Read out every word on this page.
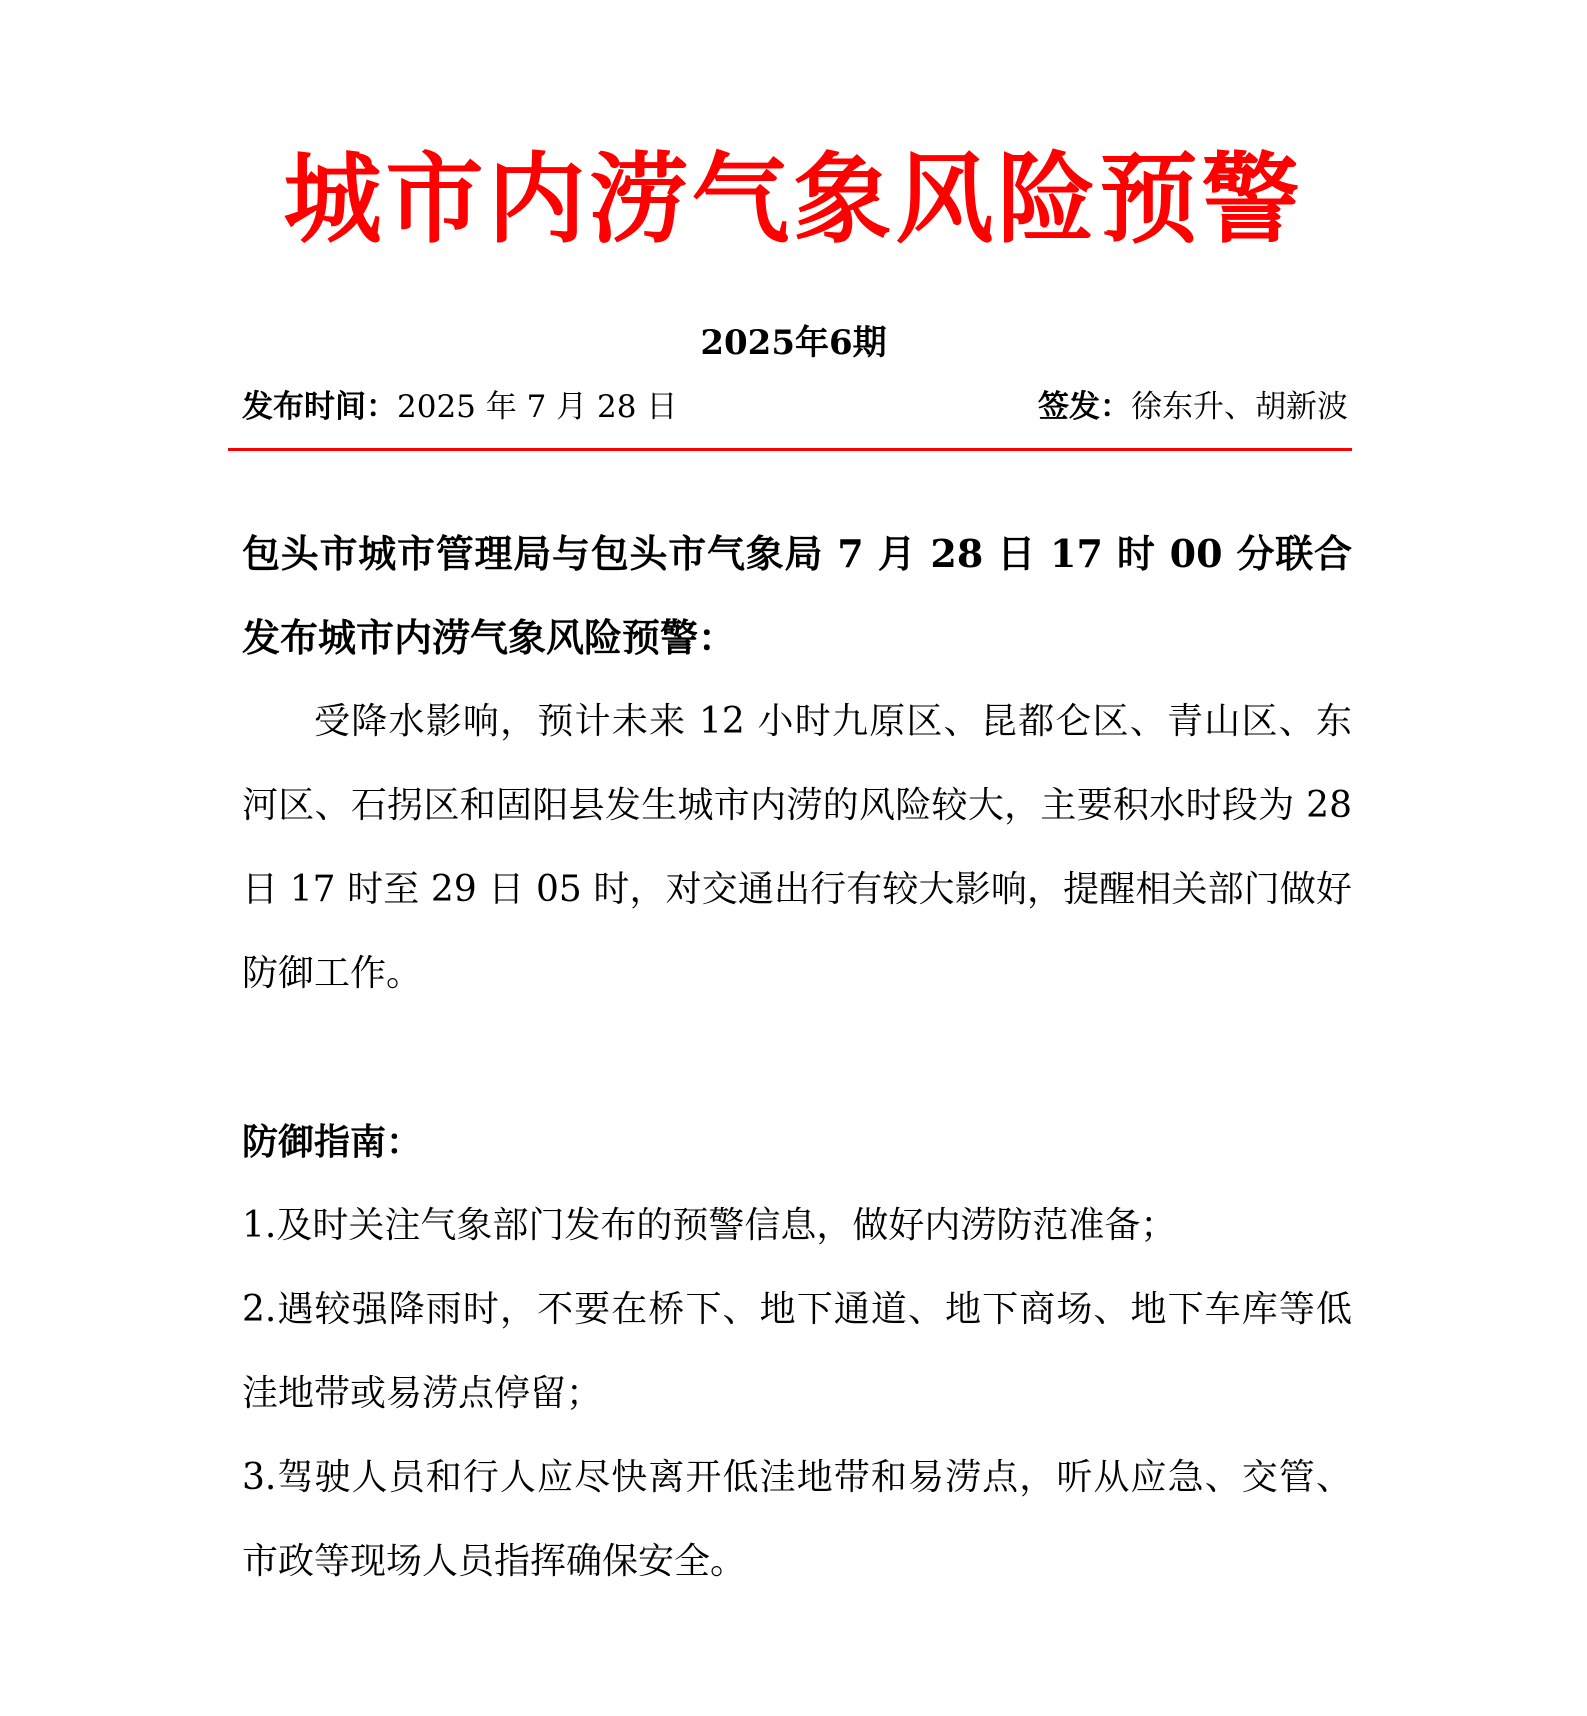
城市内涝气象风险预警
2025年6期
发布时间：2025 年 7 月 28 日	签发：徐东升、胡新波
包头市城市管理局与包头市气象局 7 月 28 日 17 时 00 分联合发布城市内涝气象风险预警：
受降水影响，预计未来 12 小时九原区、昆都仑区、青山区、东河区、石拐区和固阳县发生城市内涝的风险较大，主要积水时段为 28 日 17 时至 29 日 05 时，对交通出行有较大影响，提醒相关部门做好防御工作。
防御指南：
1.及时关注气象部门发布的预警信息，做好内涝防范准备；
2.遇较强降雨时，不要在桥下、地下通道、地下商场、地下车库等低洼地带或易涝点停留；
3.驾驶人员和行人应尽快离开低洼地带和易涝点，听从应急、交管、市政等现场人员指挥确保安全。
